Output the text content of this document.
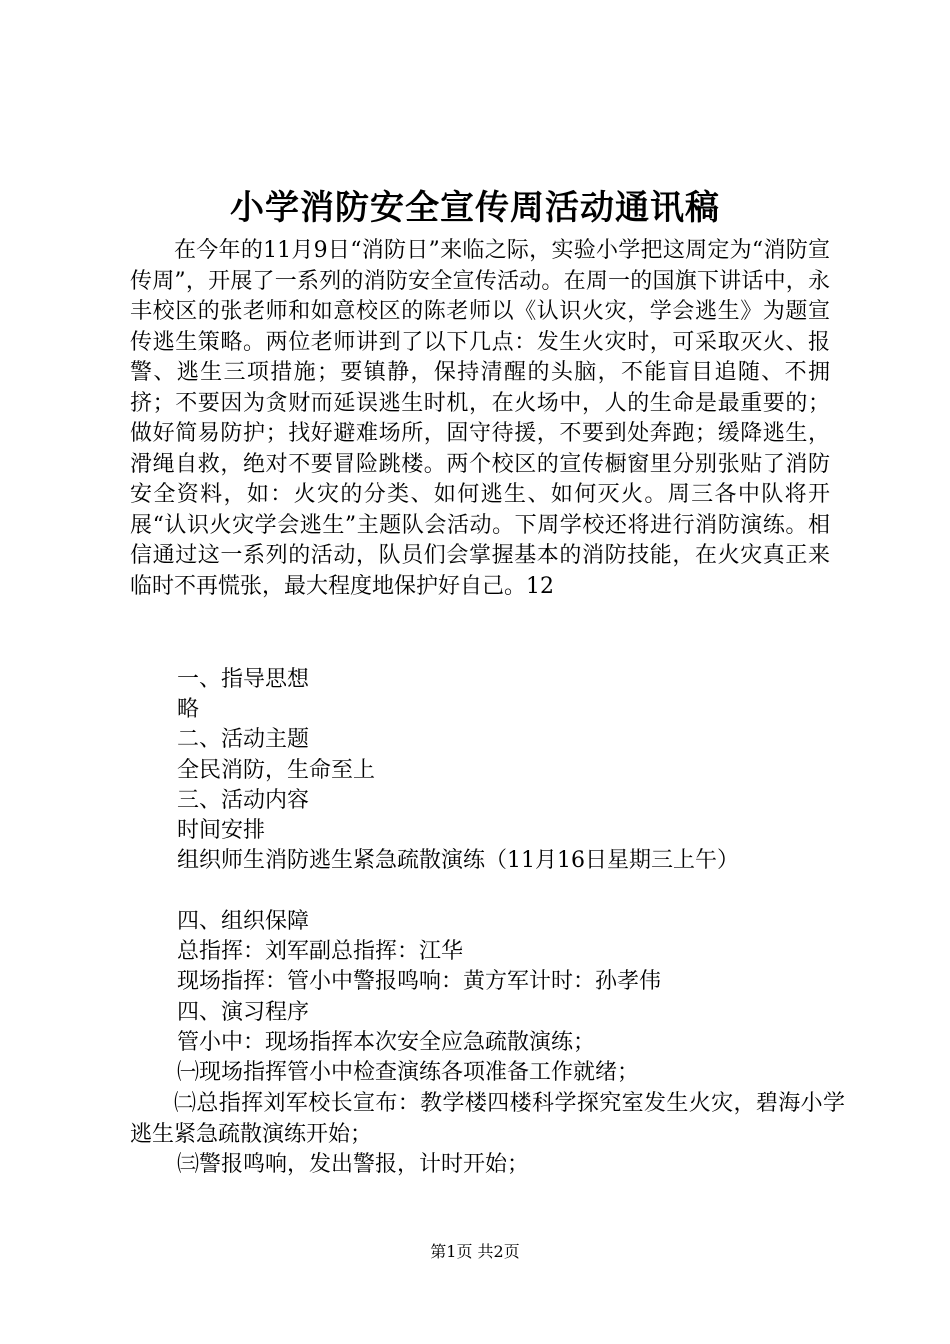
小学消防安全宣传周活动通讯稿

在今年的11月9日“消防日”来临之际，实验小学把这周定为“消防宣传周”，开展了一系列的消防安全宣传活动。在周一的国旗下讲话中，永丰校区的张老师和如意校区的陈老师以《认识火灾，学会逃生》为题宣传逃生策略。两位老师讲到了以下几点：发生火灾时，可采取灭火、报警、逃生三项措施；要镇静，保持清醒的头脑，不能盲目追随、不拥挤；不要因为贪财而延误逃生时机，在火场中，人的生命是最重要的；做好简易防护；找好避难场所，固守待援，不要到处奔跑；缓降逃生，滑绳自救，绝对不要冒险跳楼。两个校区的宣传橱窗里分别张贴了消防安全资料，如：火灾的分类、如何逃生、如何灭火。周三各中队将开展“认识火灾学会逃生”主题队会活动。下周学校还将进行消防演练。相信通过这一系列的活动，队员们会掌握基本的消防技能，在火灾真正来临时不再慌张，最大程度地保护好自己。12

一、指导思想

略

二、活动主题

全民消防，生命至上

三、活动内容

时间安排

组织师生消防逃生紧急疏散演练（11月16日星期三上午）

四、组织保障

总指挥：刘军副总指挥：江华

现场指挥：管小中警报鸣响：黄方军计时：孙孝伟

四、演习程序

管小中：现场指挥本次安全应急疏散演练；

㈠现场指挥管小中检查演练各项准备工作就绪；

㈡总指挥刘军校长宣布：教学楼四楼科学探究室发生火灾，碧海小学逃生紧急疏散演练开始；

㈢警报鸣响，发出警报，计时开始；

第1页 共2页
